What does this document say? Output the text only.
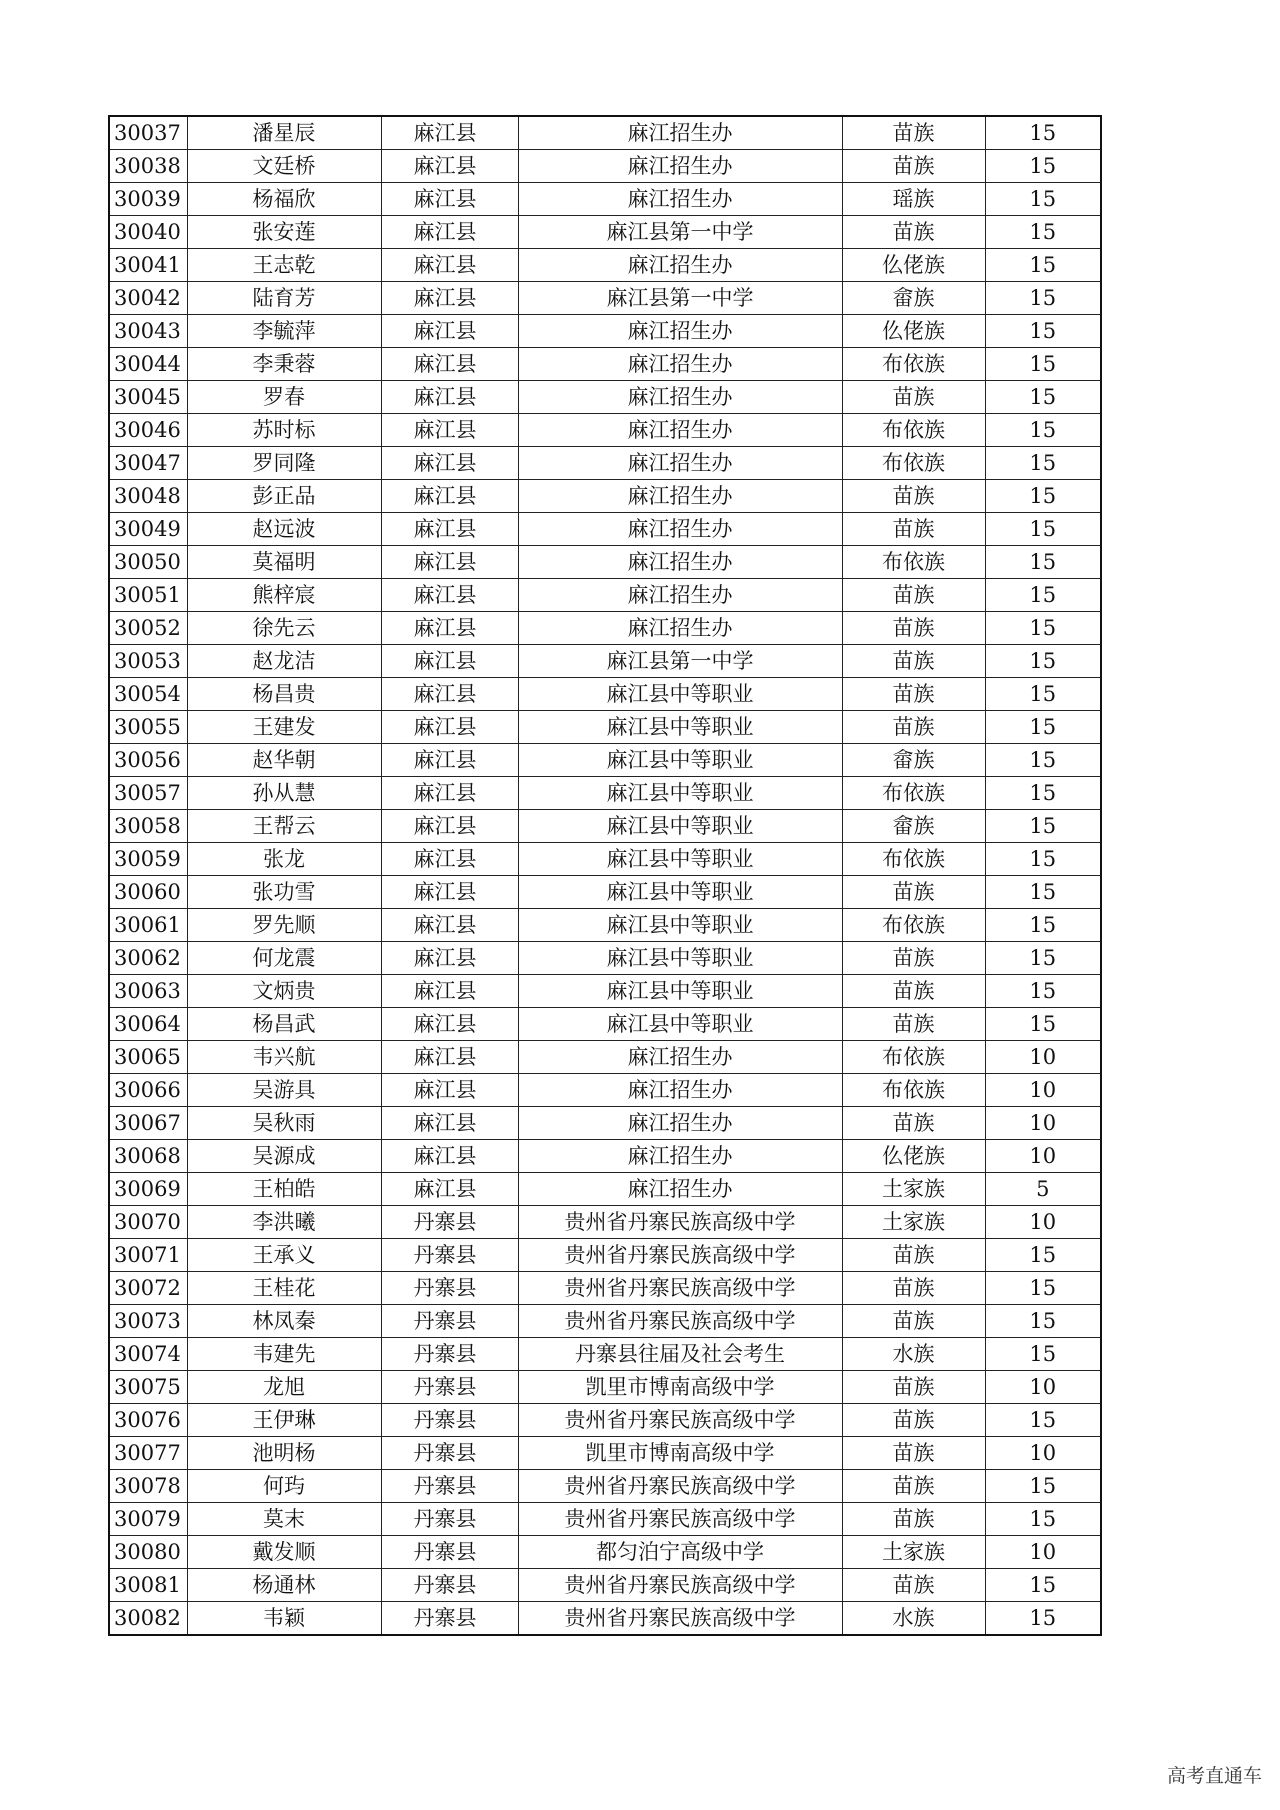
30037	潘星辰	麻江县	麻江招生办	苗族	15
30038	文廷桥	麻江县	麻江招生办	苗族	15
30039	杨福欣	麻江县	麻江招生办	瑶族	15
30040	张安莲	麻江县	麻江县第一中学	苗族	15
30041	王志乾	麻江县	麻江招生办	仫佬族	15
30042	陆育芳	麻江县	麻江县第一中学	畲族	15
30043	李毓萍	麻江县	麻江招生办	仫佬族	15
30044	李秉蓉	麻江县	麻江招生办	布依族	15
30045	罗春	麻江县	麻江招生办	苗族	15
30046	苏时标	麻江县	麻江招生办	布依族	15
30047	罗同隆	麻江县	麻江招生办	布依族	15
30048	彭正品	麻江县	麻江招生办	苗族	15
30049	赵远波	麻江县	麻江招生办	苗族	15
30050	莫福明	麻江县	麻江招生办	布依族	15
30051	熊梓宸	麻江县	麻江招生办	苗族	15
30052	徐先云	麻江县	麻江招生办	苗族	15
30053	赵龙洁	麻江县	麻江县第一中学	苗族	15
30054	杨昌贵	麻江县	麻江县中等职业	苗族	15
30055	王建发	麻江县	麻江县中等职业	苗族	15
30056	赵华朝	麻江县	麻江县中等职业	畲族	15
30057	孙从慧	麻江县	麻江县中等职业	布依族	15
30058	王帮云	麻江县	麻江县中等职业	畲族	15
30059	张龙	麻江县	麻江县中等职业	布依族	15
30060	张功雪	麻江县	麻江县中等职业	苗族	15
30061	罗先顺	麻江县	麻江县中等职业	布依族	15
30062	何龙震	麻江县	麻江县中等职业	苗族	15
30063	文炳贵	麻江县	麻江县中等职业	苗族	15
30064	杨昌武	麻江县	麻江县中等职业	苗族	15
30065	韦兴航	麻江县	麻江招生办	布依族	10
30066	吴游具	麻江县	麻江招生办	布依族	10
30067	吴秋雨	麻江县	麻江招生办	苗族	10
30068	吴源成	麻江县	麻江招生办	仫佬族	10
30069	王柏皓	麻江县	麻江招生办	土家族	5
30070	李洪曦	丹寨县	贵州省丹寨民族高级中学	土家族	10
30071	王承义	丹寨县	贵州省丹寨民族高级中学	苗族	15
30072	王桂花	丹寨县	贵州省丹寨民族高级中学	苗族	15
30073	林凤秦	丹寨县	贵州省丹寨民族高级中学	苗族	15
30074	韦建先	丹寨县	丹寨县往届及社会考生	水族	15
30075	龙旭	丹寨县	凯里市博南高级中学	苗族	10
30076	王伊琳	丹寨县	贵州省丹寨民族高级中学	苗族	15
30077	池明杨	丹寨县	凯里市博南高级中学	苗族	10
30078	何玙	丹寨县	贵州省丹寨民族高级中学	苗族	15
30079	莫末	丹寨县	贵州省丹寨民族高级中学	苗族	15
30080	戴发顺	丹寨县	都匀泊宁高级中学	土家族	10
30081	杨通林	丹寨县	贵州省丹寨民族高级中学	苗族	15
30082	韦颖	丹寨县	贵州省丹寨民族高级中学	水族	15
高考直通车
